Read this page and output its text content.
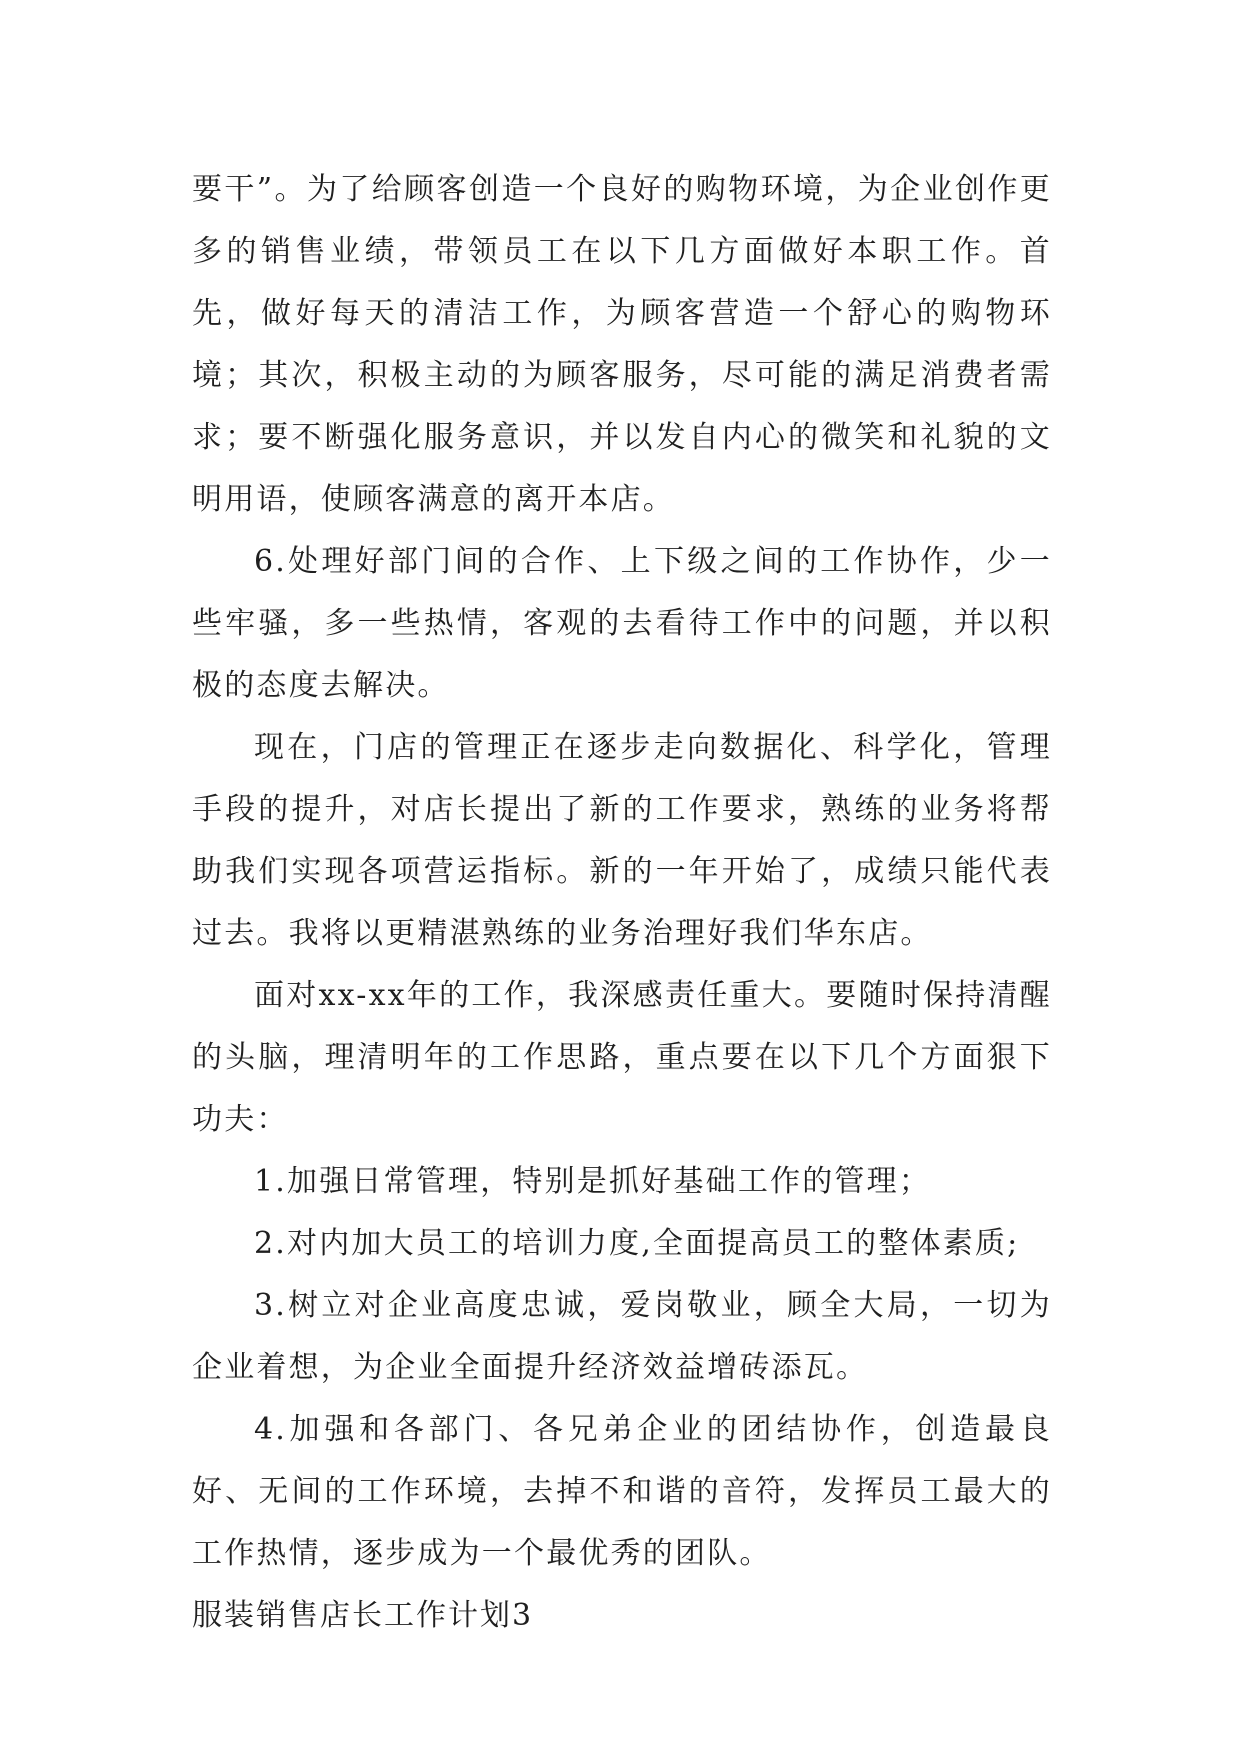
要干”。为了给顾客创造一个良好的购物环境，为企业创作更多的销售业绩，带领员工在以下几方面做好本职工作。首先，做好每天的清洁工作，为顾客营造一个舒心的购物环境；其次，积极主动的为顾客服务，尽可能的满足消费者需求；要不断强化服务意识，并以发自内心的微笑和礼貌的文明用语，使顾客满意的离开本店。

6.处理好部门间的合作、上下级之间的工作协作，少一些牢骚，多一些热情，客观的去看待工作中的问题，并以积极的态度去解决。

现在，门店的管理正在逐步走向数据化、科学化，管理手段的提升，对店长提出了新的工作要求，熟练的业务将帮助我们实现各项营运指标。新的一年开始了，成绩只能代表过去。我将以更精湛熟练的业务治理好我们华东店。

面对xx-xx年的工作，我深感责任重大。要随时保持清醒的头脑，理清明年的工作思路，重点要在以下几个方面狠下功夫：

1.加强日常管理，特别是抓好基础工作的管理；

2.对内加大员工的培训力度,全面提高员工的整体素质;

3.树立对企业高度忠诚，爱岗敬业，顾全大局，一切为企业着想，为企业全面提升经济效益增砖添瓦。

4.加强和各部门、各兄弟企业的团结协作，创造最良好、无间的工作环境，去掉不和谐的音符，发挥员工最大的工作热情，逐步成为一个最优秀的团队。

服装销售店长工作计划3
